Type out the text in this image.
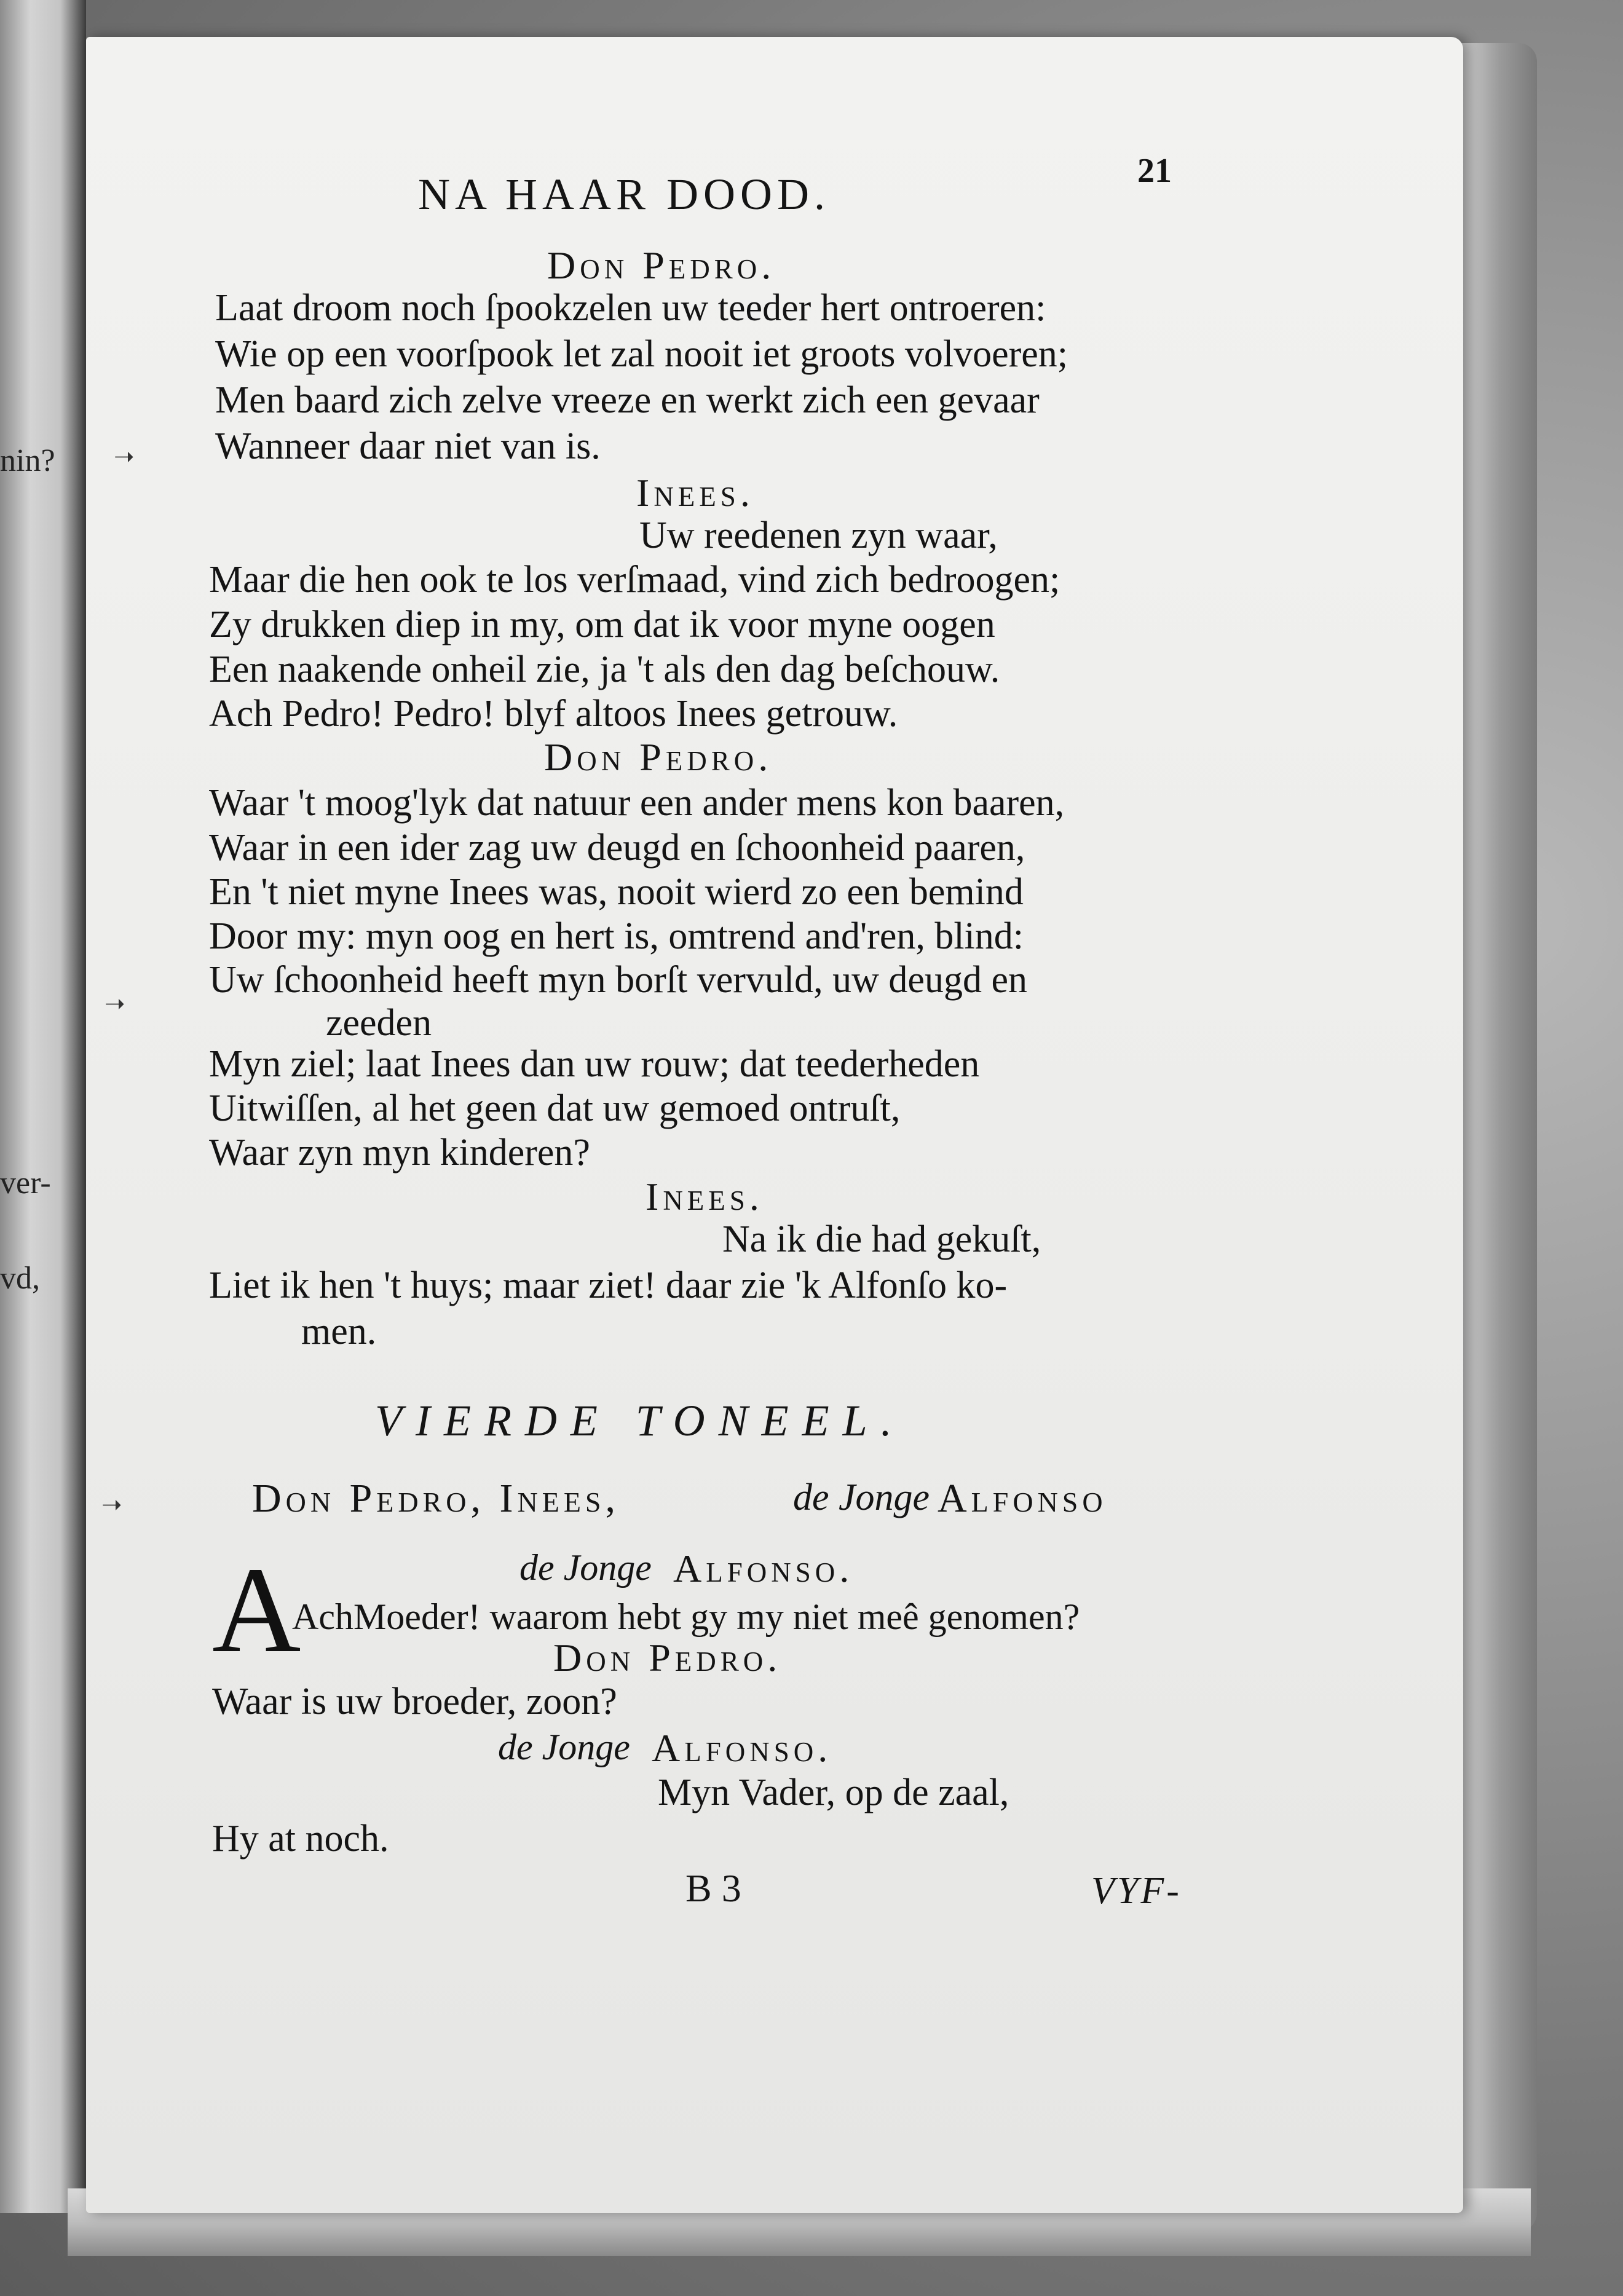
nin?
ver-
vd,
NA HAAR DOOD.	21
Don Pedro.
Laat droom noch ſpookzelen uw teeder hert ontroeren:
Wie op een voorſpook let zal nooit iet groots volvoeren;
Men baard zich zelve vreeze en werkt zich een gevaar
Wanneer daar niet van is.
Inees.
Uw reedenen zyn waar,
Maar die hen ook te los verſmaad, vind zich bedroogen;
Zy drukken diep in my, om dat ik voor myne oogen
Een naakende onheil zie, ja 't als den dag beſchouw.
Ach Pedro! Pedro! blyf altoos Inees getrouw.
Don Pedro.
Waar 't moog'lyk dat natuur een ander mens kon baaren,
Waar in een ider zag uw deugd en ſchoonheid paaren,
En 't niet myne Inees was, nooit wierd zo een bemind
Door my: myn oog en hert is, omtrend and'ren, blind:
Uw ſchoonheid heeft myn borſt vervuld, uw deugd en
zeeden
Myn ziel; laat Inees dan uw rouw; dat teederheden
Uitwiſſen, al het geen dat uw gemoed ontruſt,
Waar zyn myn kinderen?
Inees.
Na ik die had gekuſt,
Liet ik hen 't huys; maar ziet! daar zie 'k Alfonſo ko-
men.
VIERDE TONEEL.
Don Pedro, Inees,	de Jonge Alfonso
de Jonge Alfonso.
A
AchMoeder! waarom hebt gy my niet meê genomen?
Don Pedro.
Waar is uw broeder, zoon?
de Jonge Alfonso.
Myn Vader, op de zaal,
Hy at noch.
B 3	VYF-
➝
➝
➝
